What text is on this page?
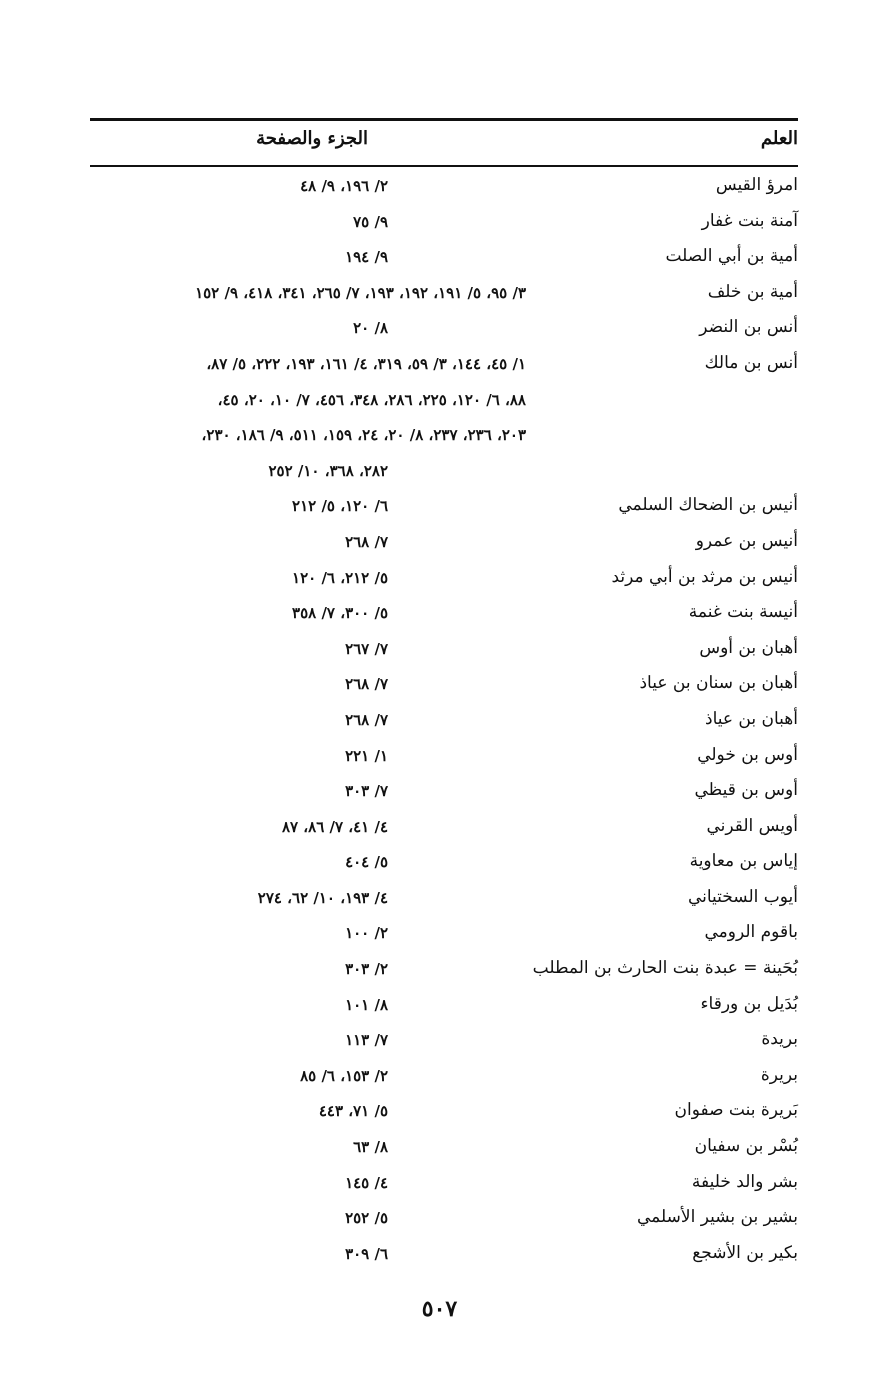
العلم
الجزء والصفحة
امرؤ القيس
٢/ ١٩٦، ٩/ ٤٨
آمنة بنت غفار
٩/ ٧٥
أمية بن أبي الصلت
٩/ ١٩٤
أمية بن خلف
٣/ ٩٥، ٥/ ١٩١، ١٩٢، ١٩٣، ٧/ ٢٦٥، ٣٤١، ٤١٨، ٩/ ١٥٢
أنس بن النضر
٨/ ٢٠
أنس بن مالك
١/ ٤٥، ١٤٤، ٣/ ٥٩، ٣١٩، ٤/ ١٦١، ١٩٣، ٢٢٢، ٥/ ٨٧،
٨٨، ٦/ ١٢٠، ٢٢٥، ٢٨٦، ٣٤٨، ٤٥٦، ٧/ ١٠، ٢٠، ٤٥،
٢٠٣، ٢٣٦، ٢٣٧، ٨/ ٢٠، ٢٤، ١٥٩، ٥١١، ٩/ ١٨٦، ٢٣٠،
٢٨٢، ٣٦٨، ١٠/ ٢٥٢
أنيس بن الضحاك السلمي
٦/ ١٢٠، ٥/ ٢١٢
أنيس بن عمرو
٧/ ٢٦٨
أنيس بن مرثد بن أبي مرثد
٥/ ٢١٢، ٦/ ١٢٠
أنيسة بنت غنمة
٥/ ٣٠٠، ٧/ ٣٥٨
أهبان بن أوس
٧/ ٢٦٧
أهبان بن سنان بن عياذ
٧/ ٢٦٨
أهبان بن عياذ
٧/ ٢٦٨
أوس بن خولي
١/ ٢٢١
أوس بن قيظي
٧/ ٣٠٣
أويس القرني
٤/ ٤١، ٧/ ٨٦، ٨٧
إياس بن معاوية
٥/ ٤٠٤
أيوب السختياني
٤/ ١٩٣، ١٠/ ٦٢، ٢٧٤
باقوم الرومي
٢/ ١٠٠
بُحَينة = عبدة بنت الحارث بن المطلب
٢/ ٣٠٣
بُدَيل بن ورقاء
٨/ ١٠١
بريدة
٧/ ١١٣
بريرة
٢/ ١٥٣، ٦/ ٨٥
بَريرة بنت صفوان
٥/ ٧١، ٤٤٣
بُسْر بن سفيان
٨/ ٦٣
بشر والد خليفة
٤/ ١٤٥
بشير بن بشير الأسلمي
٥/ ٢٥٢
بكير بن الأشجع
٦/ ٣٠٩
٥٠٧
